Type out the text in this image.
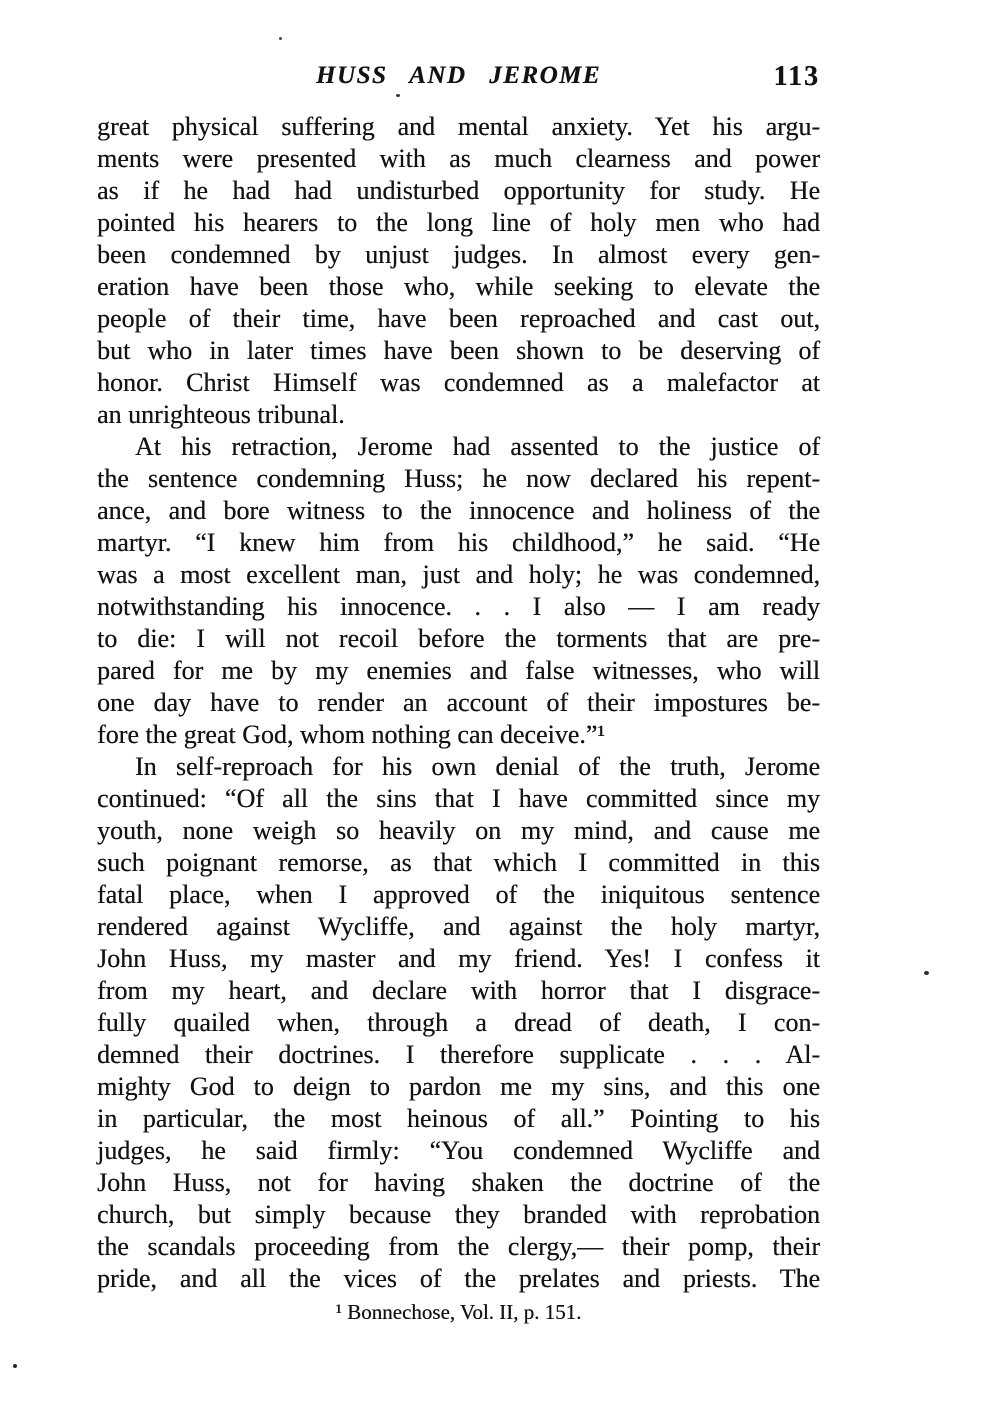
HUSS AND JEROME	113
great physical suffering and mental anxiety. Yet his argu-
ments were presented with as much clearness and power
as if he had had undisturbed opportunity for study. He
pointed his hearers to the long line of holy men who had
been condemned by unjust judges. In almost every gen-
eration have been those who, while seeking to elevate the
people of their time, have been reproached and cast out,
but who in later times have been shown to be deserving of
honor. Christ Himself was condemned as a malefactor at
an unrighteous tribunal.
At his retraction, Jerome had assented to the justice of
the sentence condemning Huss; he now declared his repent-
ance, and bore witness to the innocence and holiness of the
martyr. “I knew him from his childhood,” he said. “He
was a most excellent man, just and holy; he was condemned,
notwithstanding his innocence. . . I also — I am ready
to die: I will not recoil before the torments that are pre-
pared for me by my enemies and false witnesses, who will
one day have to render an account of their impostures be-
fore the great God, whom nothing can deceive.”¹
In self-reproach for his own denial of the truth, Jerome
continued: “Of all the sins that I have committed since my
youth, none weigh so heavily on my mind, and cause me
such poignant remorse, as that which I committed in this
fatal place, when I approved of the iniquitous sentence
rendered against Wycliffe, and against the holy martyr,
John Huss, my master and my friend. Yes! I confess it
from my heart, and declare with horror that I disgrace-
fully quailed when, through a dread of death, I con-
demned their doctrines. I therefore supplicate . . . Al-
mighty God to deign to pardon me my sins, and this one
in particular, the most heinous of all.” Pointing to his
judges, he said firmly: “You condemned Wycliffe and
John Huss, not for having shaken the doctrine of the
church, but simply because they branded with reprobation
the scandals proceeding from the clergy,— their pomp, their
pride, and all the vices of the prelates and priests. The
¹ Bonnechose, Vol. II, p. 151.
